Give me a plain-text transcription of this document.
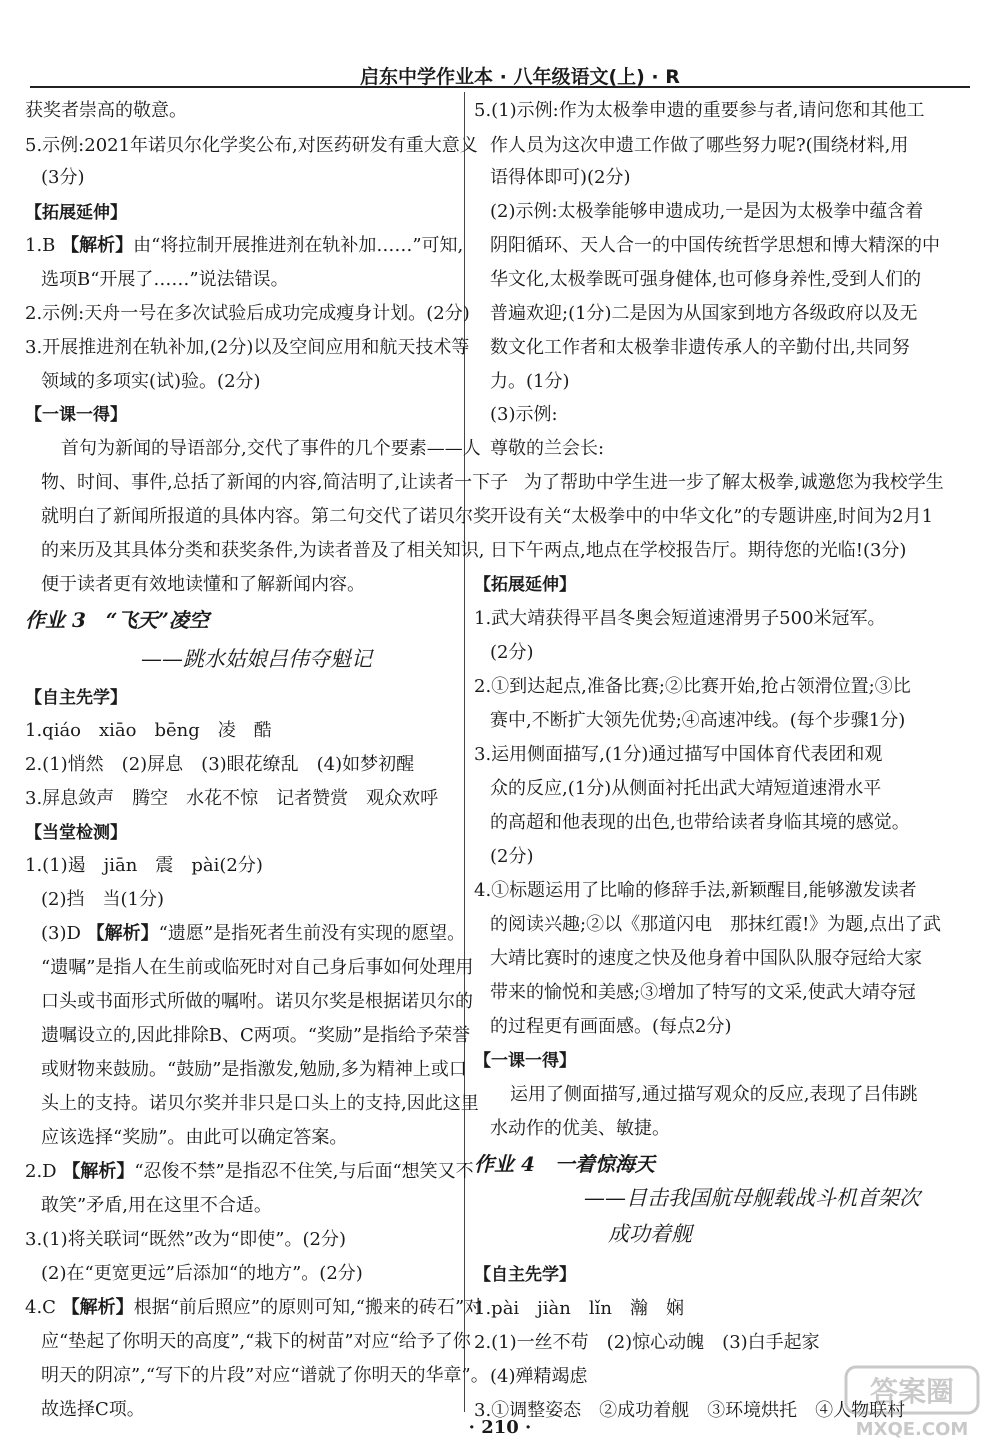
启东中学作业本 · 八年级语文(上) · R
获奖者崇高的敬意。
5.示例:2021年诺贝尔化学奖公布,对医药研发有重大意义
(3分)
【拓展延伸】
1.B 【解析】由“将拉制开展推进剂在轨补加……”可知,
选项B“开展了……”说法错误。
2.示例:天舟一号在多次试验后成功完成瘦身计划。(2分)
3.开展推进剂在轨补加,(2分)以及空间应用和航天技术等
领域的多项实(试)验。(2分)
【一课一得】
首句为新闻的导语部分,交代了事件的几个要素——人
物、时间、事件,总括了新闻的内容,简洁明了,让读者一下子
就明白了新闻所报道的具体内容。第二句交代了诺贝尔奖
的来历及其具体分类和获奖条件,为读者普及了相关知识,
便于读者更有效地读懂和了解新闻内容。
作业 3　“飞天”凌空
——跳水姑娘吕伟夺魁记
【自主先学】
1.qiáo　xiāo　bēng　凌　酷
2.(1)悄然　(2)屏息　(3)眼花缭乱　(4)如梦初醒
3.屏息敛声　腾空　水花不惊　记者赞赏　观众欢呼
【当堂检测】
1.(1)遏　jiān　震　pài(2分)
(2)挡　当(1分)
(3)D 【解析】“遗愿”是指死者生前没有实现的愿望。
“遗嘱”是指人在生前或临死时对自己身后事如何处理用
口头或书面形式所做的嘱咐。诺贝尔奖是根据诺贝尔的
遗嘱设立的,因此排除B、C两项。“奖励”是指给予荣誉
或财物来鼓励。“鼓励”是指激发,勉励,多为精神上或口
头上的支持。诺贝尔奖并非只是口头上的支持,因此这里
应该选择“奖励”。由此可以确定答案。
2.D 【解析】“忍俊不禁”是指忍不住笑,与后面“想笑又不
敢笑”矛盾,用在这里不合适。
3.(1)将关联词“既然”改为“即使”。(2分)
(2)在“更宽更远”后添加“的地方”。(2分)
4.C 【解析】根据“前后照应”的原则可知,“搬来的砖石”对
应“垫起了你明天的高度”,“栽下的树苗”对应“给予了你
明天的阴凉”,“写下的片段”对应“谱就了你明天的华章”。
故选择C项。
5.(1)示例:作为太极拳申遗的重要参与者,请问您和其他工
作人员为这次申遗工作做了哪些努力呢?(围绕材料,用
语得体即可)(2分)
(2)示例:太极拳能够申遗成功,一是因为太极拳中蕴含着
阴阳循环、天人合一的中国传统哲学思想和博大精深的中
华文化,太极拳既可强身健体,也可修身养性,受到人们的
普遍欢迎;(1分)二是因为从国家到地方各级政府以及无
数文化工作者和太极拳非遗传承人的辛勤付出,共同努
力。(1分)
(3)示例:
尊敬的兰会长:
为了帮助中学生进一步了解太极拳,诚邀您为我校学生
开设有关“太极拳中的中华文化”的专题讲座,时间为2月1
日下午两点,地点在学校报告厅。期待您的光临!(3分)
【拓展延伸】
1.武大靖获得平昌冬奥会短道速滑男子500米冠军。
(2分)
2.①到达起点,准备比赛;②比赛开始,抢占领滑位置;③比
赛中,不断扩大领先优势;④高速冲线。(每个步骤1分)
3.运用侧面描写,(1分)通过描写中国体育代表团和观
众的反应,(1分)从侧面衬托出武大靖短道速滑水平
的高超和他表现的出色,也带给读者身临其境的感觉。
(2分)
4.①标题运用了比喻的修辞手法,新颖醒目,能够激发读者
的阅读兴趣;②以《那道闪电　那抹红霞!》为题,点出了武
大靖比赛时的速度之快及他身着中国队队服夺冠给大家
带来的愉悦和美感;③增加了特写的文采,使武大靖夺冠
的过程更有画面感。(每点2分)
【一课一得】
运用了侧面描写,通过描写观众的反应,表现了吕伟跳
水动作的优美、敏捷。
作业 4　一着惊海天
——目击我国航母舰载战斗机首架次
成功着舰
【自主先学】
1.pài　jiàn　lǐn　瀚　娴
2.(1)一丝不苟　(2)惊心动魄　(3)白手起家
(4)殚精竭虑
3.①调整姿态　②成功着舰　③环境烘托　④人物联村
· 210 ·
答案圈
MXQE.COM
